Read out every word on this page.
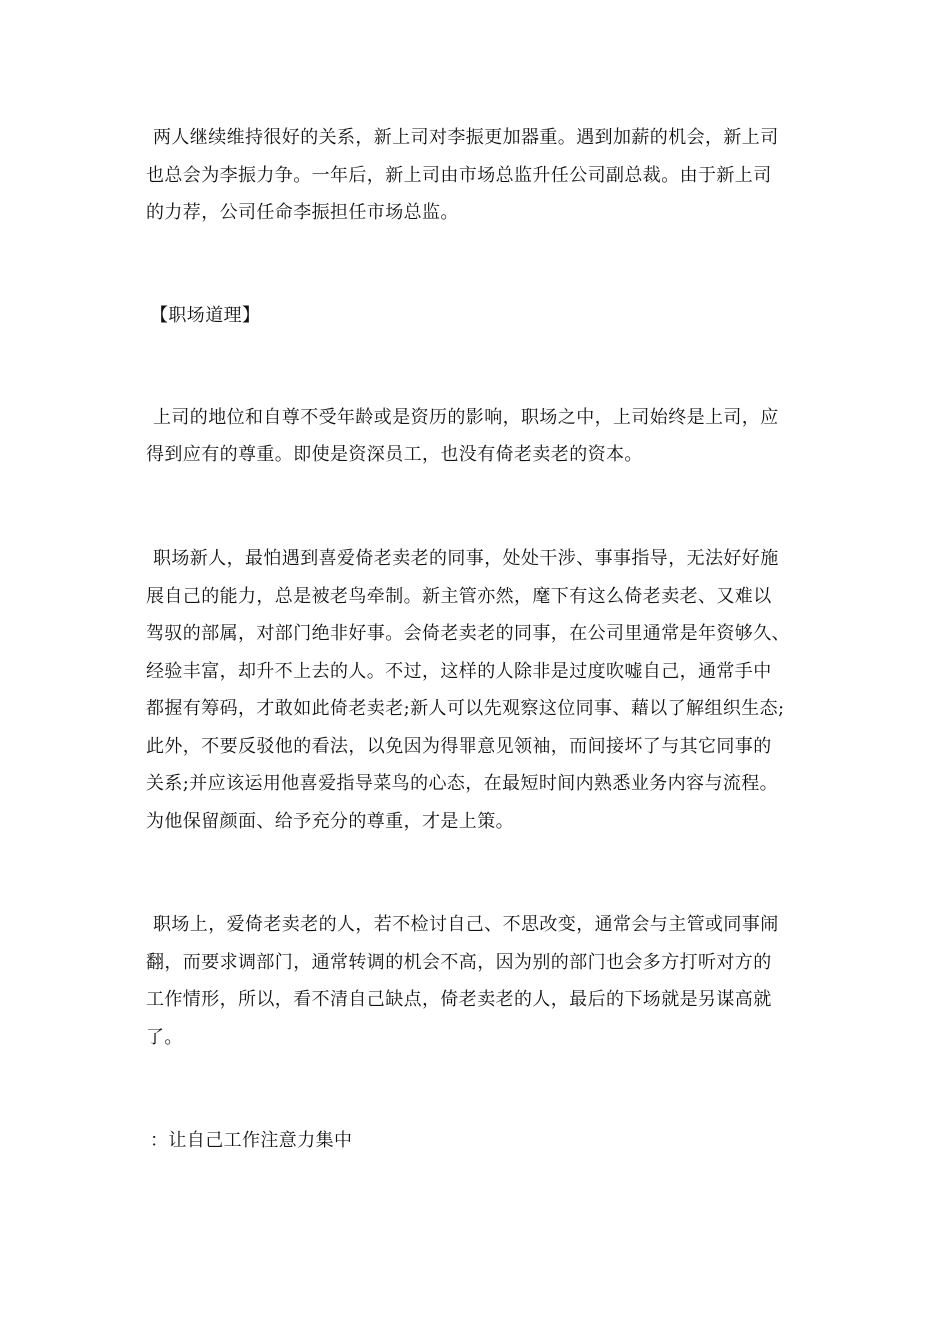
两人继续维持很好的关系，新上司对李振更加器重。遇到加薪的机会，新上司
也总会为李振力争。一年后，新上司由市场总监升任公司副总裁。由于新上司
的力荐，公司任命李振担任市场总监。
【职场道理】
上司的地位和自尊不受年龄或是资历的影响，职场之中，上司始终是上司，应
得到应有的尊重。即使是资深员工，也没有倚老卖老的资本。
职场新人，最怕遇到喜爱倚老卖老的同事，处处干涉、事事指导，无法好好施
展自己的能力，总是被老鸟牵制。新主管亦然，麾下有这么倚老卖老、又难以
驾驭的部属，对部门绝非好事。会倚老卖老的同事，在公司里通常是年资够久、
经验丰富，却升不上去的人。不过，这样的人除非是过度吹嘘自己，通常手中
都握有筹码，才敢如此倚老卖老;新人可以先观察这位同事、藉以了解组织生态;
此外，不要反驳他的看法，以免因为得罪意见领袖，而间接坏了与其它同事的
关系;并应该运用他喜爱指导菜鸟的心态，在最短时间内熟悉业务内容与流程。
为他保留颜面、给予充分的尊重，才是上策。
职场上，爱倚老卖老的人，若不检讨自己、不思改变，通常会与主管或同事闹
翻，而要求调部门，通常转调的机会不高，因为别的部门也会多方打听对方的
工作情形，所以，看不清自己缺点，倚老卖老的人，最后的下场就是另谋高就
了。
：让自己工作注意力集中
